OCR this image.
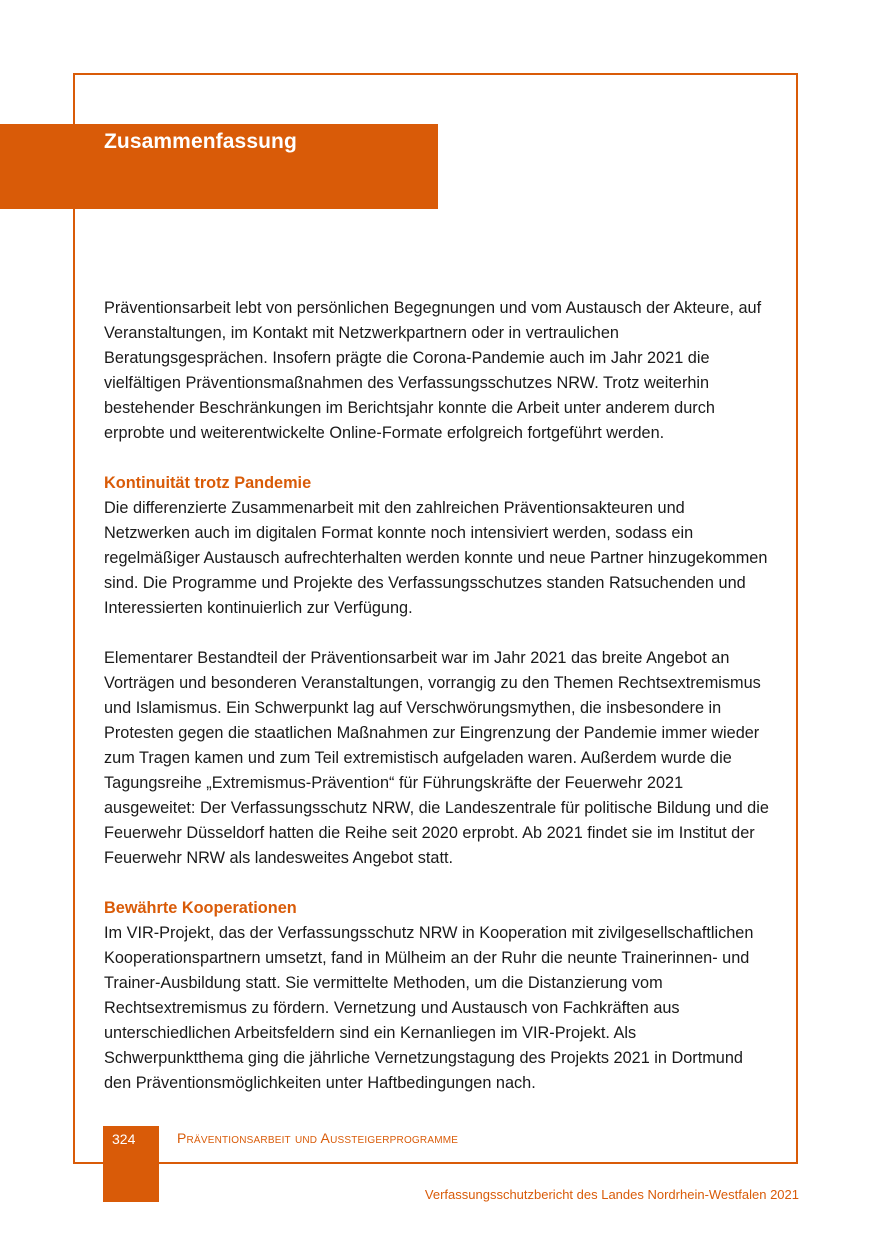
Zusammenfassung

Präventionsarbeit lebt von persönlichen Begegnungen und vom Austausch der Akteure, auf Veranstaltungen, im Kontakt mit Netzwerkpartnern oder in vertraulichen Beratungsgesprächen. Insofern prägte die Corona-Pandemie auch im Jahr 2021 die vielfältigen Präventionsmaßnahmen des Verfassungsschutzes NRW. Trotz weiterhin bestehender Beschränkungen im Berichtsjahr konnte die Arbeit unter anderem durch erprobte und weiterentwickelte Online-Formate erfolgreich fortgeführt werden.

Kontinuität trotz Pandemie

Die differenzierte Zusammenarbeit mit den zahlreichen Präventionsakteuren und Netzwerken auch im digitalen Format konnte noch intensiviert werden, sodass ein regelmäßiger Austausch aufrechterhalten werden konnte und neue Partner hinzugekommen sind. Die Programme und Projekte des Verfassungsschutzes standen Ratsuchenden und Interessierten kontinuierlich zur Verfügung.

Elementarer Bestandteil der Präventionsarbeit war im Jahr 2021 das breite Angebot an Vorträgen und besonderen Veranstaltungen, vorrangig zu den Themen Rechtsextremismus und Islamismus. Ein Schwerpunkt lag auf Verschwörungsmythen, die insbesondere in Protesten gegen die staatlichen Maßnahmen zur Eingrenzung der Pandemie immer wieder zum Tragen kamen und zum Teil extremistisch aufgeladen waren. Außerdem wurde die Tagungsreihe „Extremismus-Prävention“ für Führungskräfte der Feuerwehr 2021 ausgeweitet: Der Verfassungsschutz NRW, die Landeszentrale für politische Bildung und die Feuerwehr Düsseldorf hatten die Reihe seit 2020 erprobt. Ab 2021 findet sie im Institut der Feuerwehr NRW als landesweites Angebot statt.

Bewährte Kooperationen

Im VIR-Projekt, das der Verfassungsschutz NRW in Kooperation mit zivilgesellschaftlichen Kooperationspartnern umsetzt, fand in Mülheim an der Ruhr die neunte Trainerinnen- und Trainer-Ausbildung statt. Sie vermittelte Methoden, um die Distanzierung vom Rechtsextremismus zu fördern. Vernetzung und Austausch von Fachkräften aus unterschiedlichen Arbeitsfeldern sind ein Kernanliegen im VIR-Projekt. Als Schwerpunktthema ging die jährliche Vernetzungstagung des Projekts 2021 in Dortmund den Präventionsmöglichkeiten unter Haftbedingungen nach.

324	Präventionsarbeit und Aussteigerprogramme
Verfassungsschutzbericht des Landes Nordrhein-Westfalen 2021
